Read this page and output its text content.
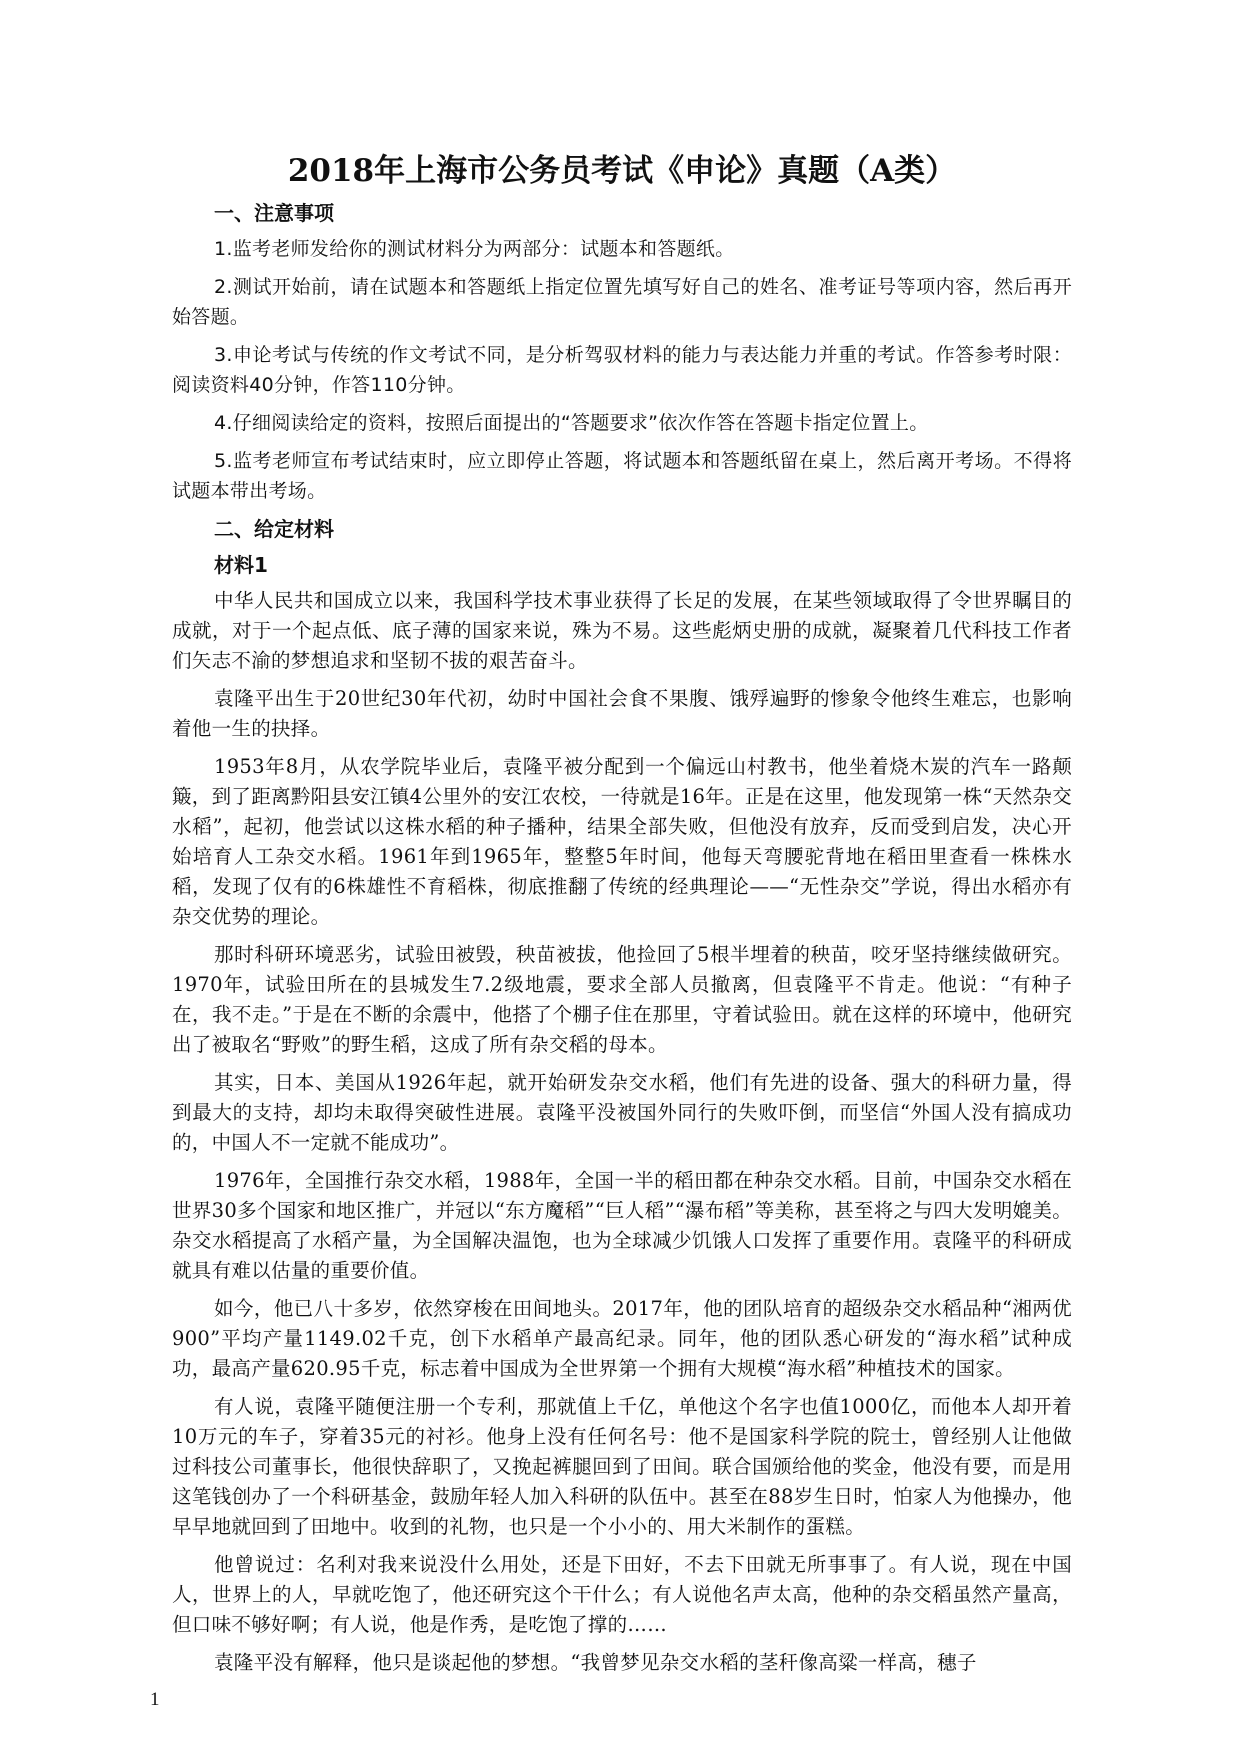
2018年上海市公务员考试《申论》真题（A类）
一、注意事项

1.监考老师发给你的测试材料分为两部分：试题本和答题纸。

2.测试开始前，请在试题本和答题纸上指定位置先填写好自己的姓名、准考证号等项内容，然后再开始答题。

3.申论考试与传统的作文考试不同，是分析驾驭材料的能力与表达能力并重的考试。作答参考时限：阅读资料40分钟，作答110分钟。

4.仔细阅读给定的资料，按照后面提出的“答题要求”依次作答在答题卡指定位置上。

5.监考老师宣布考试结束时，应立即停止答题，将试题本和答题纸留在桌上，然后离开考场。不得将试题本带出考场。

二、给定材料
材料1

中华人民共和国成立以来，我国科学技术事业获得了长足的发展，在某些领域取得了令世界瞩目的成就，对于一个起点低、底子薄的国家来说，殊为不易。这些彪炳史册的成就，凝聚着几代科技工作者们矢志不渝的梦想追求和坚韧不拔的艰苦奋斗。

袁隆平出生于20世纪30年代初，幼时中国社会食不果腹、饿殍遍野的惨象令他终生难忘，也影响着他一生的抉择。

1953年8月，从农学院毕业后，袁隆平被分配到一个偏远山村教书，他坐着烧木炭的汽车一路颠簸，到了距离黔阳县安江镇4公里外的安江农校，一待就是16年。正是在这里，他发现第一株“天然杂交水稻”，起初，他尝试以这株水稻的种子播种，结果全部失败，但他没有放弃，反而受到启发，决心开始培育人工杂交水稻。1961年到1965年，整整5年时间，他每天弯腰驼背地在稻田里查看一株株水稻，发现了仅有的6株雄性不育稻株，彻底推翻了传统的经典理论——“无性杂交”学说，得出水稻亦有杂交优势的理论。

那时科研环境恶劣，试验田被毁，秧苗被拔，他捡回了5根半埋着的秧苗，咬牙坚持继续做研究。1970年，试验田所在的县城发生7.2级地震，要求全部人员撤离，但袁隆平不肯走。他说：“有种子在，我不走。”于是在不断的余震中，他搭了个棚子住在那里，守着试验田。就在这样的环境中，他研究出了被取名“野败”的野生稻，这成了所有杂交稻的母本。

其实，日本、美国从1926年起，就开始研发杂交水稻，他们有先进的设备、强大的科研力量，得到最大的支持，却均未取得突破性进展。袁隆平没被国外同行的失败吓倒，而坚信“外国人没有搞成功的，中国人不一定就不能成功”。

1976年，全国推行杂交水稻，1988年，全国一半的稻田都在种杂交水稻。目前，中国杂交水稻在世界30多个国家和地区推广，并冠以“东方魔稻”“巨人稻”“瀑布稻”等美称，甚至将之与四大发明媲美。杂交水稻提高了水稻产量，为全国解决温饱，也为全球减少饥饿人口发挥了重要作用。袁隆平的科研成就具有难以估量的重要价值。

如今，他已八十多岁，依然穿梭在田间地头。2017年，他的团队培育的超级杂交水稻品种“湘两优900”平均产量1149.02千克，创下水稻单产最高纪录。同年，他的团队悉心研发的“海水稻”试种成功，最高产量620.95千克，标志着中国成为全世界第一个拥有大规模“海水稻”种植技术的国家。

有人说，袁隆平随便注册一个专利，那就值上千亿，单他这个名字也值1000亿，而他本人却开着10万元的车子，穿着35元的衬衫。他身上没有任何名号：他不是国家科学院的院士，曾经别人让他做过科技公司董事长，他很快辞职了，又挽起裤腿回到了田间。联合国颁给他的奖金，他没有要，而是用这笔钱创办了一个科研基金，鼓励年轻人加入科研的队伍中。甚至在88岁生日时，怕家人为他操办，他早早地就回到了田地中。收到的礼物，也只是一个小小的、用大米制作的蛋糕。

他曾说过：名利对我来说没什么用处，还是下田好，不去下田就无所事事了。有人说，现在中国人，世界上的人，早就吃饱了，他还研究这个干什么；有人说他名声太高，他种的杂交稻虽然产量高，但口味不够好啊；有人说，他是作秀，是吃饱了撑的……

袁隆平没有解释，他只是谈起他的梦想。“我曾梦见杂交水稻的茎秆像高粱一样高，穗子

1
